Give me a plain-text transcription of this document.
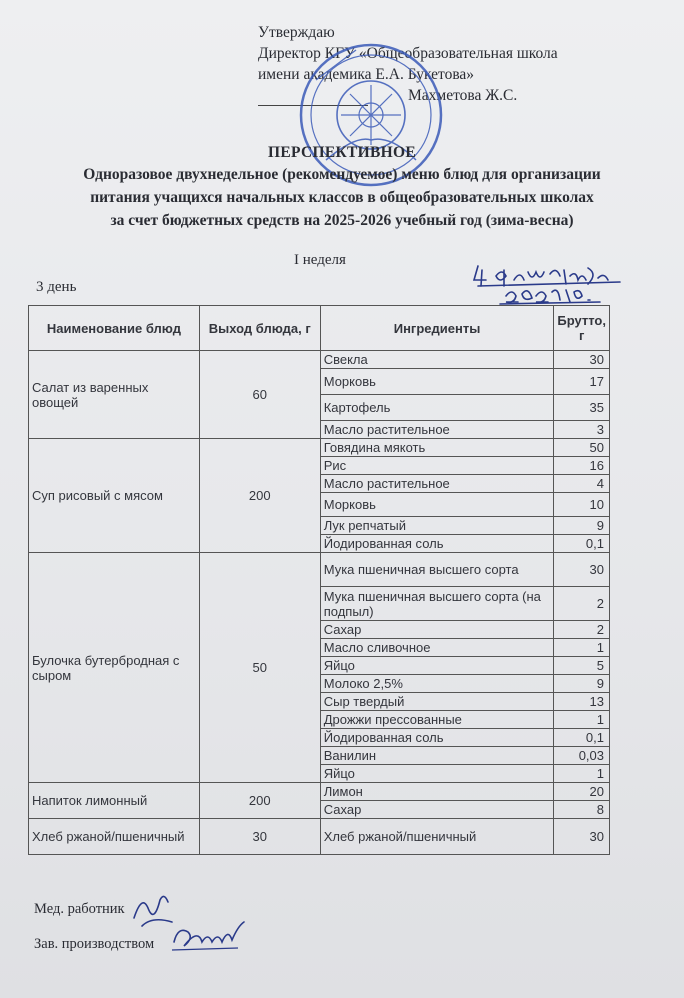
Утверждаю
Директор КГУ «Общеобразовательная школа
имени академика Е.А. Букетова»
Махметова Ж.С.
ПЕРСПЕКТИВНОЕ
Одноразовое двухнедельное (рекомендуемое) меню блюд для организации
питания учащихся начальных классов в общеобразовательных школах
за счет бюджетных средств на 2025-2026 учебный год (зима-весна)
I неделя
3 день
Наименование блюд	Выход блюда, г	Ингредиенты	Брутто, г
Салат из варенных овощей	60	Свекла	30
		Морковь	17
		Картофель	35
		Масло растительное	3
Суп рисовый с мясом	200	Говядина мякоть	50
		Рис	16
		Масло растительное	4
		Морковь	10
		Лук репчатый	9
		Йодированная соль	0,1
Булочка бутербродная с сыром	50	Мука пшеничная высшего сорта	30
		Мука пшеничная высшего сорта (на подпыл)	2
		Сахар	2
		Масло сливочное	1
		Яйцо	5
		Молоко 2,5%	9
		Сыр твердый	13
		Дрожжи прессованные	1
		Йодированная соль	0,1
		Ванилин	0,03
		Яйцо	1
Напиток лимонный	200	Лимон	20
		Сахар	8
Хлеб ржаной/пшеничный	30	Хлеб ржаной/пшеничный	30
Мед. работник
Зав. производством
